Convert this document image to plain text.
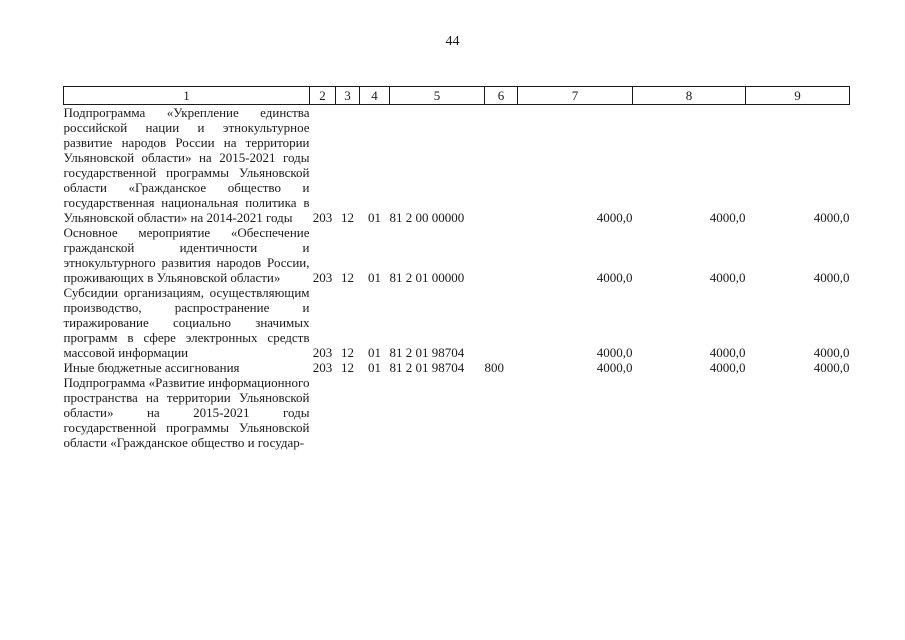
44
1	2	3	4	5	6	7	8	9
Подпрограмма «Укрепление единства российской нации и этнокультурное развитие народов России на территории Ульяновской области» на 2015-2021 годы государственной программы Ульяновской области «Гражданское общество и государственная национальная политика в Ульяновской области» на 2014-2021 годы	203	12	01	81 2 00 00000		4000,0	4000,0	4000,0
Основное мероприятие «Обеспечение гражданской идентичности и этнокультурного развития народов России, проживающих в Ульяновской области»	203	12	01	81 2 01 00000		4000,0	4000,0	4000,0
Субсидии организациям, осуществляющим производство, распространение и тиражирование социально значимых программ в сфере электронных средств массовой информации	203	12	01	81 2 01 98704		4000,0	4000,0	4000,0
Иные бюджетные ассигнования	203	12	01	81 2 01 98704	800	4000,0	4000,0	4000,0
Подпрограмма «Развитие информационного пространства на территории Ульяновской области» на 2015-2021 годы государственной программы Ульяновской области «Гражданское общество и государ-								
